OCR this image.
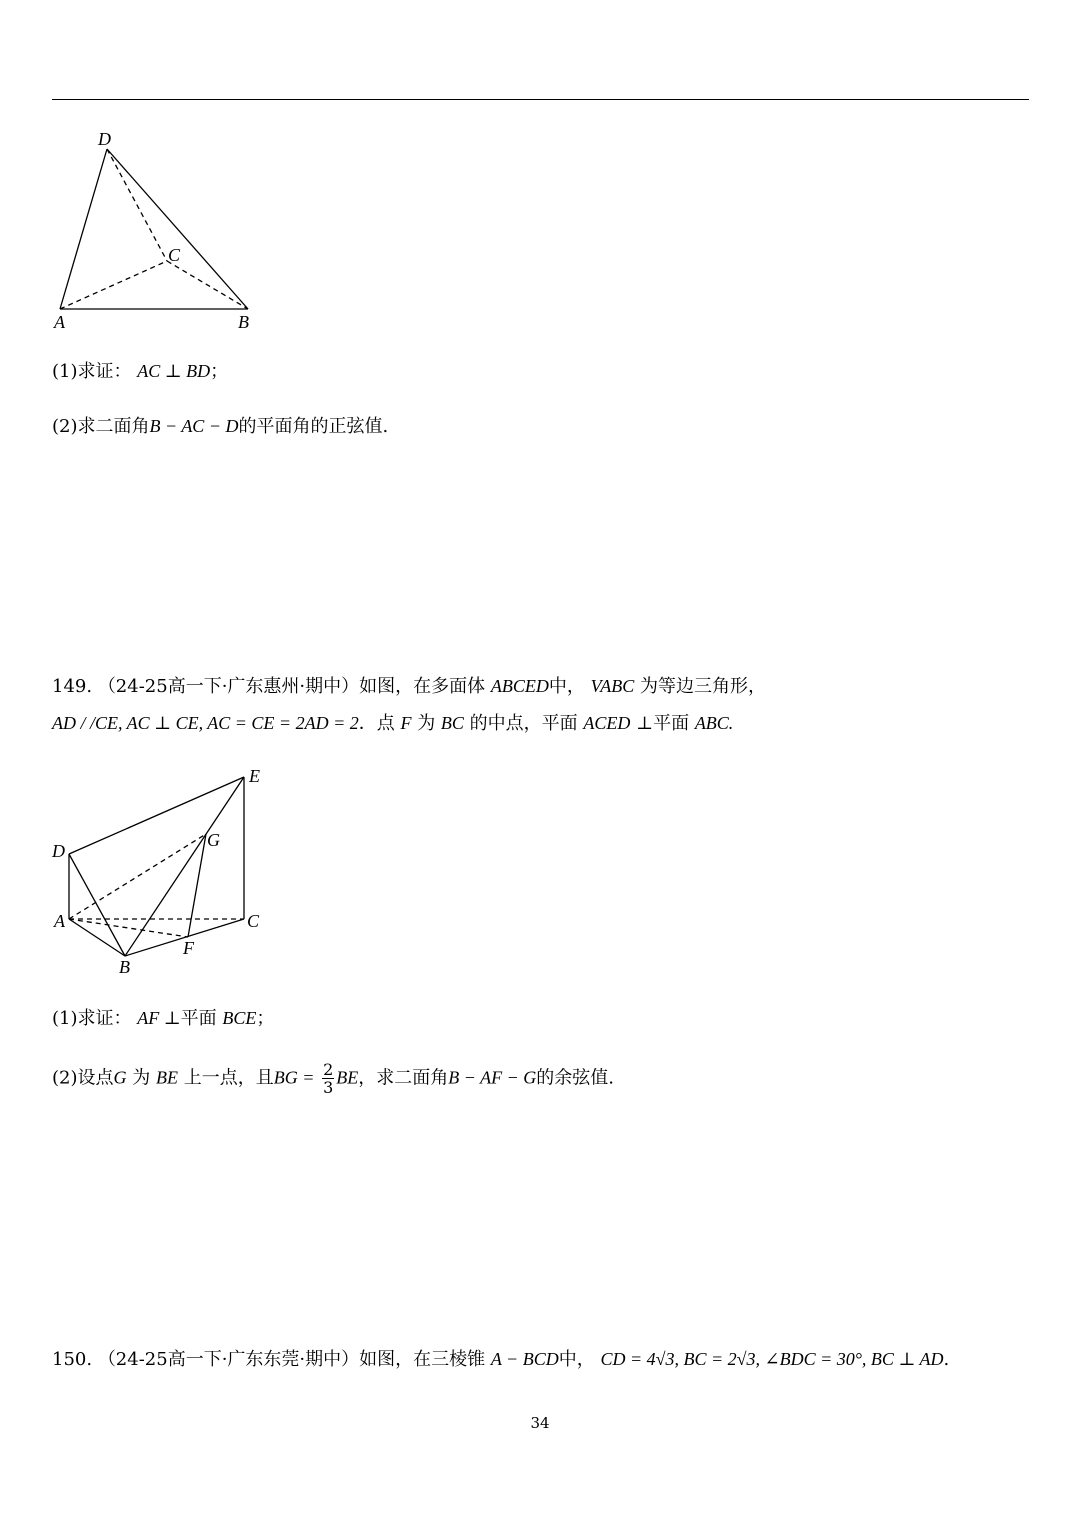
D
C
A	B
(1)求证： AC ⊥ BD；
(2)求二面角B − AC − D的平面角的正弦值.
149. （24-25高一下·广东惠州·期中）如图，在多面体 ABCED中， VABC 为等边三角形，
AD / /CE, AC ⊥ CE, AC = CE = 2AD = 2．点 F 为 BC 的中点，平面 ACED ⊥平面 ABC.
E
G
D
A	C
F
B
(1)求证： AF ⊥平面 BCE；
(2)设点G 为 BE 上一点，且BG = $\frac{2}{3}$ BE，求二面角B − AF − G的余弦值.
150. （24-25高一下·广东东莞·期中）如图，在三棱锥 A − BCD中， CD = 4√3, BC = 2√3, ∠BDC = 30°, BC ⊥ AD.
34
